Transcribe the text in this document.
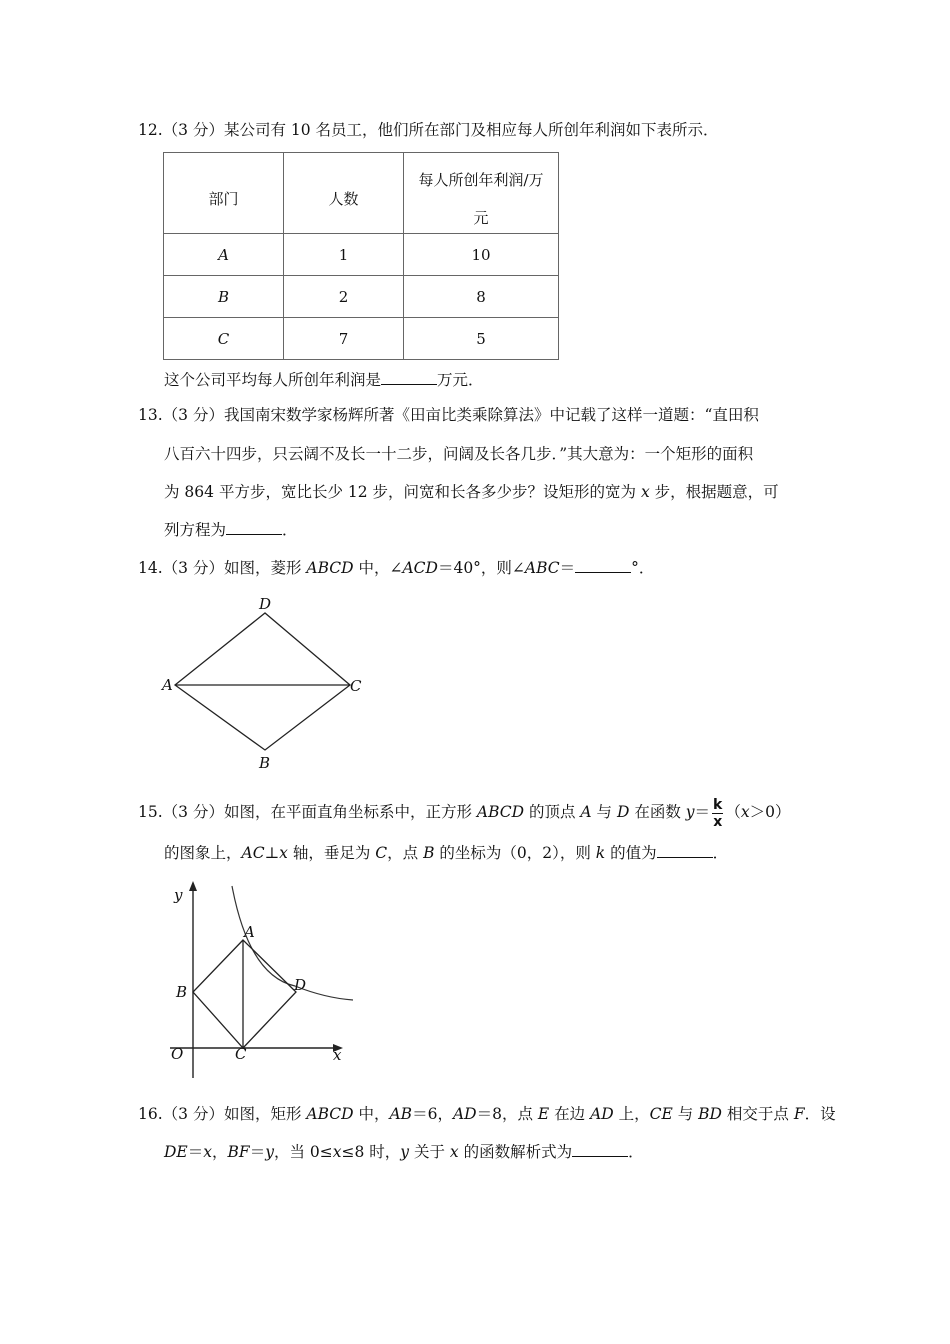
12.（3 分）某公司有 10 名员工，他们所在部门及相应每人所创年利润如下表所示．
部门	人数	每人所创年利润/万
元

A	1	10
B	2	8
C	7	5
这个公司平均每人所创年利润是	万元．
13.（3 分）我国南宋数学家杨辉所著《田亩比类乘除算法》中记载了这样一道题：“直田积
八百六十四步，只云阔不及长一十二步，问阔及长各几步．”其大意为：一个矩形的面积
为 864 平方步，宽比长少 12 步，问宽和长各多少步？设矩形的宽为 x 步，根据题意，可
列方程为	．
14.（3 分）如图，菱形 ABCD 中，∠ACD＝40°，则∠ABC＝	°．
D
A	C
B
15.（3 分）如图，在平面直角坐标系中，正方形 ABCD 的顶点 A 与 D 在函数 $y= \frac{k}{x} (x>0)$
的图象上，AC⊥x 轴，垂足为 C，点 B 的坐标为（0，2），则 k 的值为	．
y
A
B	D
O	C	x
16.（3 分）如图，矩形 ABCD 中，AB＝6，AD＝8，点 E 在边 AD 上，CE 与 BD 相交于点 F．设
DE＝x，BF＝y，当 0≤x≤8 时，y 关于 x 的函数解析式为	．
